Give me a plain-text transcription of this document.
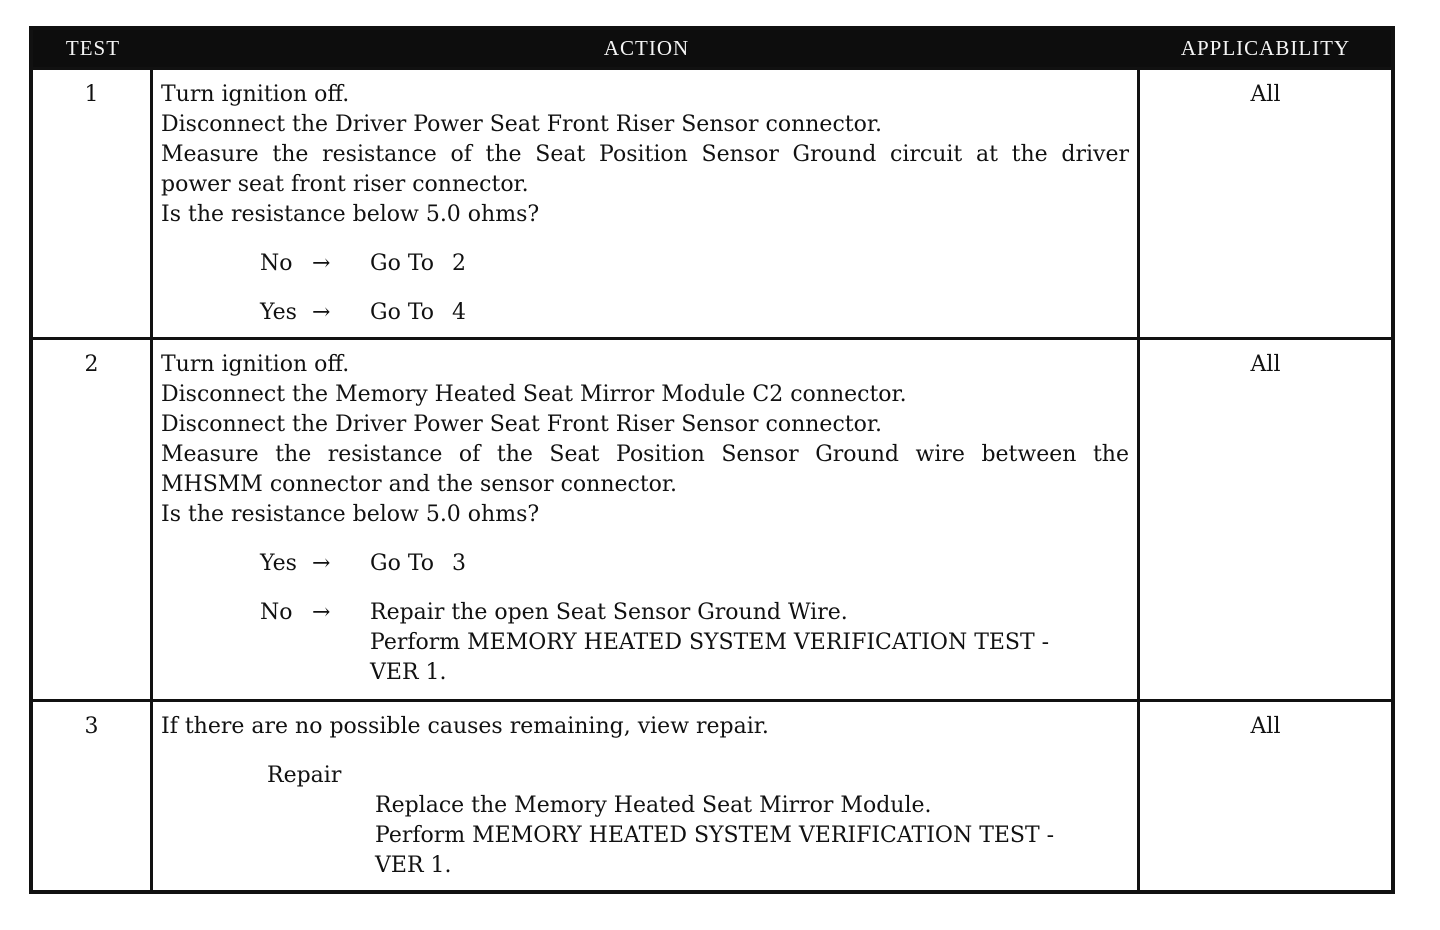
TEST	ACTION	APPLICABILITY
1	Turn ignition off.
Disconnect the Driver Power Seat Front Riser Sensor connector.
Measure the resistance of the Seat Position Sensor Ground circuit at the driver
power seat front riser connector.
Is the resistance below 5.0 ohms?
No →	Go To 2
Yes →	Go To 4
All
2	Turn ignition off.
Disconnect the Memory Heated Seat Mirror Module C2 connector.
Disconnect the Driver Power Seat Front Riser Sensor connector.
Measure the resistance of the Seat Position Sensor Ground wire between the
MHSMM connector and the sensor connector.
Is the resistance below 5.0 ohms?
Yes →	Go To 3
No →	Repair the open Seat Sensor Ground Wire.
Perform MEMORY HEATED SYSTEM VERIFICATION TEST -
VER 1.
All
3	If there are no possible causes remaining, view repair.
Repair
Replace the Memory Heated Seat Mirror Module.
Perform MEMORY HEATED SYSTEM VERIFICATION TEST -
VER 1.
All
